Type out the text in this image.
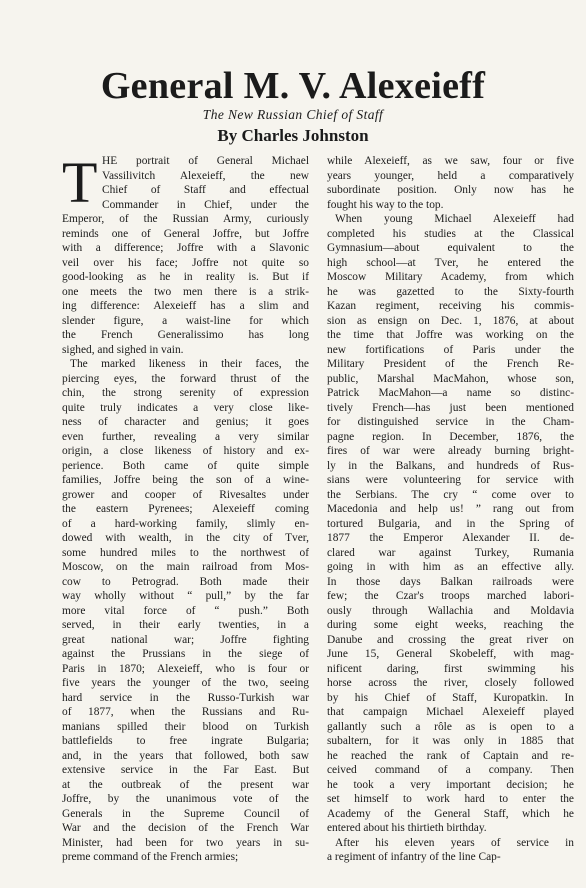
General M. V. Alexeieff
The New Russian Chief of Staff
By Charles Johnston
T HE portrait of General Michael
Vassilivitch Alexeieff, the new
Chief of Staff and effectual
Commander in Chief, under the
Emperor, of the Russian Army, curiously
reminds one of General Joffre, but Joffre
with a difference; Joffre with a Slavonic
veil over his face; Joffre not quite so
good-looking as he in reality is. But if
one meets the two men there is a strik-
ing difference: Alexeieff has a slim and
slender figure, a waist-line for which
the French Generalissimo has long
sighed, and sighed in vain.
The marked likeness in their faces, the
piercing eyes, the forward thrust of the
chin, the strong serenity of expression
quite truly indicates a very close like-
ness of character and genius; it goes
even further, revealing a very similar
origin, a close likeness of history and ex-
perience. Both came of quite simple
families, Joffre being the son of a wine-
grower and cooper of Rivesaltes under
the eastern Pyrenees; Alexeieff coming
of a hard-working family, slimly en-
dowed with wealth, in the city of Tver,
some hundred miles to the northwest of
Moscow, on the main railroad from Mos-
cow to Petrograd. Both made their
way wholly without “ pull,” by the far
more vital force of “ push.” Both
served, in their early twenties, in a
great national war; Joffre fighting
against the Prussians in the siege of
Paris in 1870; Alexeieff, who is four or
five years the younger of the two, seeing
hard service in the Russo-Turkish war
of 1877, when the Russians and Ru-
manians spilled their blood on Turkish
battlefields to free ingrate Bulgaria;
and, in the years that followed, both saw
extensive service in the Far East. But
at the outbreak of the present war
Joffre, by the unanimous vote of the
Generals in the Supreme Council of
War and the decision of the French War
Minister, had been for two years in su-
preme command of the French armies;
while Alexeieff, as we saw, four or five
years younger, held a comparatively
subordinate position. Only now has he
fought his way to the top.
When young Michael Alexeieff had
completed his studies at the Classical
Gymnasium—about equivalent to the
high school—at Tver, he entered the
Moscow Military Academy, from which
he was gazetted to the Sixty-fourth
Kazan regiment, receiving his commis-
sion as ensign on Dec. 1, 1876, at about
the time that Joffre was working on the
new fortifications of Paris under the
Military President of the French Re-
public, Marshal MacMahon, whose son,
Patrick MacMahon—a name so distinc-
tively French—has just been mentioned
for distinguished service in the Cham-
pagne region. In December, 1876, the
fires of war were already burning bright-
ly in the Balkans, and hundreds of Rus-
sians were volunteering for service with
the Serbians. The cry “ come over to
Macedonia and help us! ” rang out from
tortured Bulgaria, and in the Spring of
1877 the Emperor Alexander II. de-
clared war against Turkey, Rumania
going in with him as an effective ally.
In those days Balkan railroads were
few; the Czar's troops marched labori-
ously through Wallachia and Moldavia
during some eight weeks, reaching the
Danube and crossing the great river on
June 15, General Skobeleff, with mag-
nificent daring, first swimming his
horse across the river, closely followed
by his Chief of Staff, Kuropatkin. In
that campaign Michael Alexeieff played
gallantly such a rôle as is open to a
subaltern, for it was only in 1885 that
he reached the rank of Captain and re-
ceived command of a company. Then
he took a very important decision; he
set himself to work hard to enter the
Academy of the General Staff, which he
entered about his thirtieth birthday.
After his eleven years of service in
a regiment of infantry of the line Cap-
